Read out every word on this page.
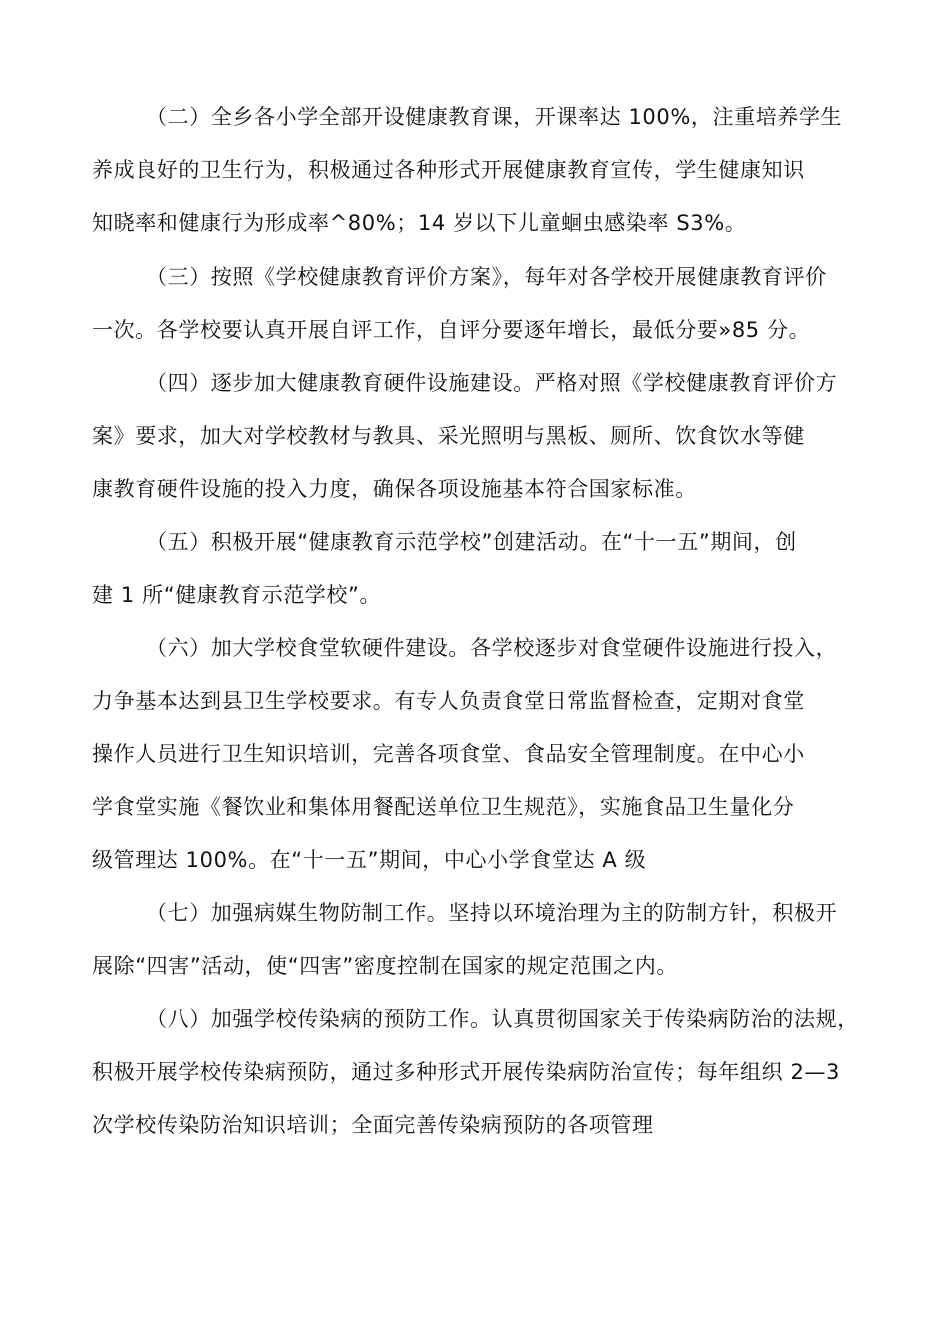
（二）全乡各小学全部开设健康教育课，开课率达 100%，注重培养学生
养成良好的卫生行为，积极通过各种形式开展健康教育宣传，学生健康知识
知晓率和健康行为形成率^80%；14 岁以下儿童蛔虫感染率 S3%。
（三）按照《学校健康教育评价方案》，每年对各学校开展健康教育评价
一次。各学校要认真开展自评工作，自评分要逐年增长，最低分要»85 分。
（四）逐步加大健康教育硬件设施建设。严格对照《学校健康教育评价方
案》要求，加大对学校教材与教具、采光照明与黑板、厕所、饮食饮水等健
康教育硬件设施的投入力度，确保各项设施基本符合国家标准。
（五）积极开展“健康教育示范学校”创建活动。在“十一五”期间，创
建 1 所“健康教育示范学校”。
（六）加大学校食堂软硬件建设。各学校逐步对食堂硬件设施进行投入，
力争基本达到县卫生学校要求。有专人负责食堂日常监督检查，定期对食堂
操作人员进行卫生知识培训，完善各项食堂、食品安全管理制度。在中心小
学食堂实施《餐饮业和集体用餐配送单位卫生规范》，实施食品卫生量化分
级管理达 100%。在“十一五”期间，中心小学食堂达 A 级
（七）加强病媒生物防制工作。坚持以环境治理为主的防制方针，积极开
展除“四害”活动，使“四害”密度控制在国家的规定范围之内。
（八）加强学校传染病的预防工作。认真贯彻国家关于传染病防治的法规，
积极开展学校传染病预防，通过多种形式开展传染病防治宣传；每年组织 2—3
次学校传染防治知识培训；全面完善传染病预防的各项管理
